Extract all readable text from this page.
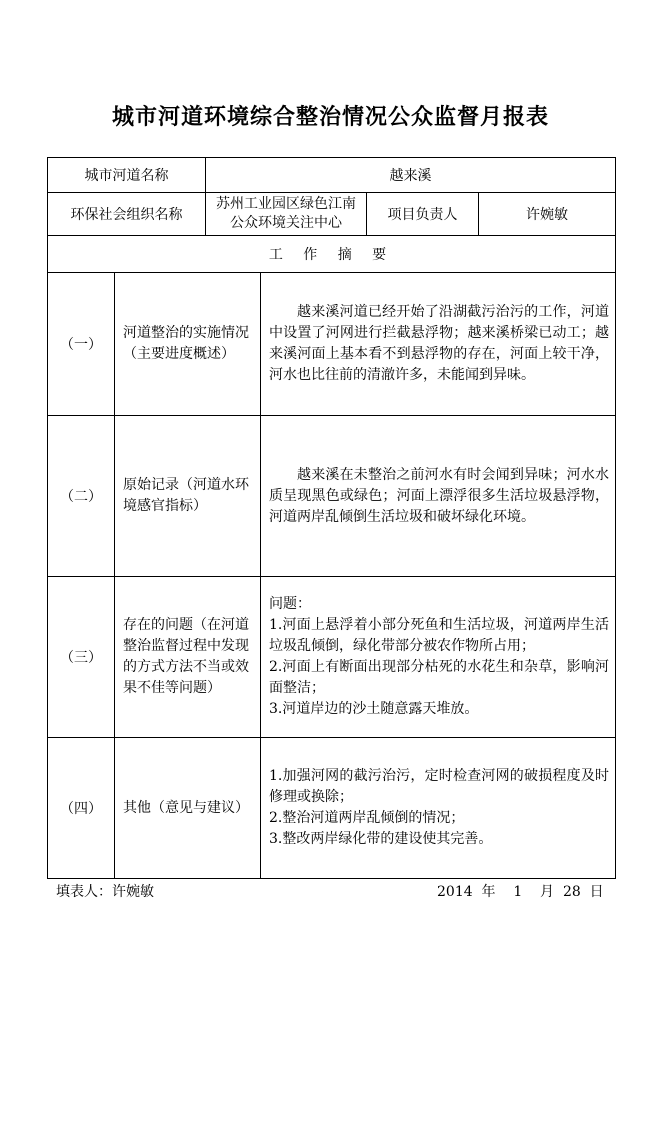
城市河道环境综合整治情况公众监督月报表
城市河道名称		越来溪			
环保社会组织名称		苏州工业园区绿色江南公众环境关注中心		项目负责人	许婉敏
工 作 摘 要					
（一）	河道整治的实施情况（主要进度概述）		越来溪河道已经开始了沿湖截污治污的工作，河道中设置了河网进行拦截悬浮物；越来溪桥梁已动工；越来溪河面上基本看不到悬浮物的存在，河面上较干净，河水也比往前的清澈许多，未能闻到异味。		

（二）	原始记录（河道水环境感官指标）		越来溪在未整治之前河水有时会闻到异味；河水水质呈现黑色或绿色；河面上漂浮很多生活垃圾悬浮物，河道两岸乱倾倒生活垃圾和破坏绿化环境。		

（三）	存在的问题（在河道整治监督过程中发现的方式方法不当或效果不佳等问题）		问题：

1.河面上悬浮着小部分死鱼和生活垃圾，河道两岸生活垃圾乱倾倒，绿化带部分被农作物所占用；

2.河面上有断面出现部分枯死的水花生和杂草，影响河面整洁；

3.河道岸边的沙土随意露天堆放。		

（四）	其他（意见与建议）		1.加强河网的截污治污，定时检查河网的破损程度及时修理或换除；

2.整治河道两岸乱倾倒的情况；

3.整改两岸绿化带的建设使其完善。		

填表人：许婉敏	2014  年    1    月  28  日
